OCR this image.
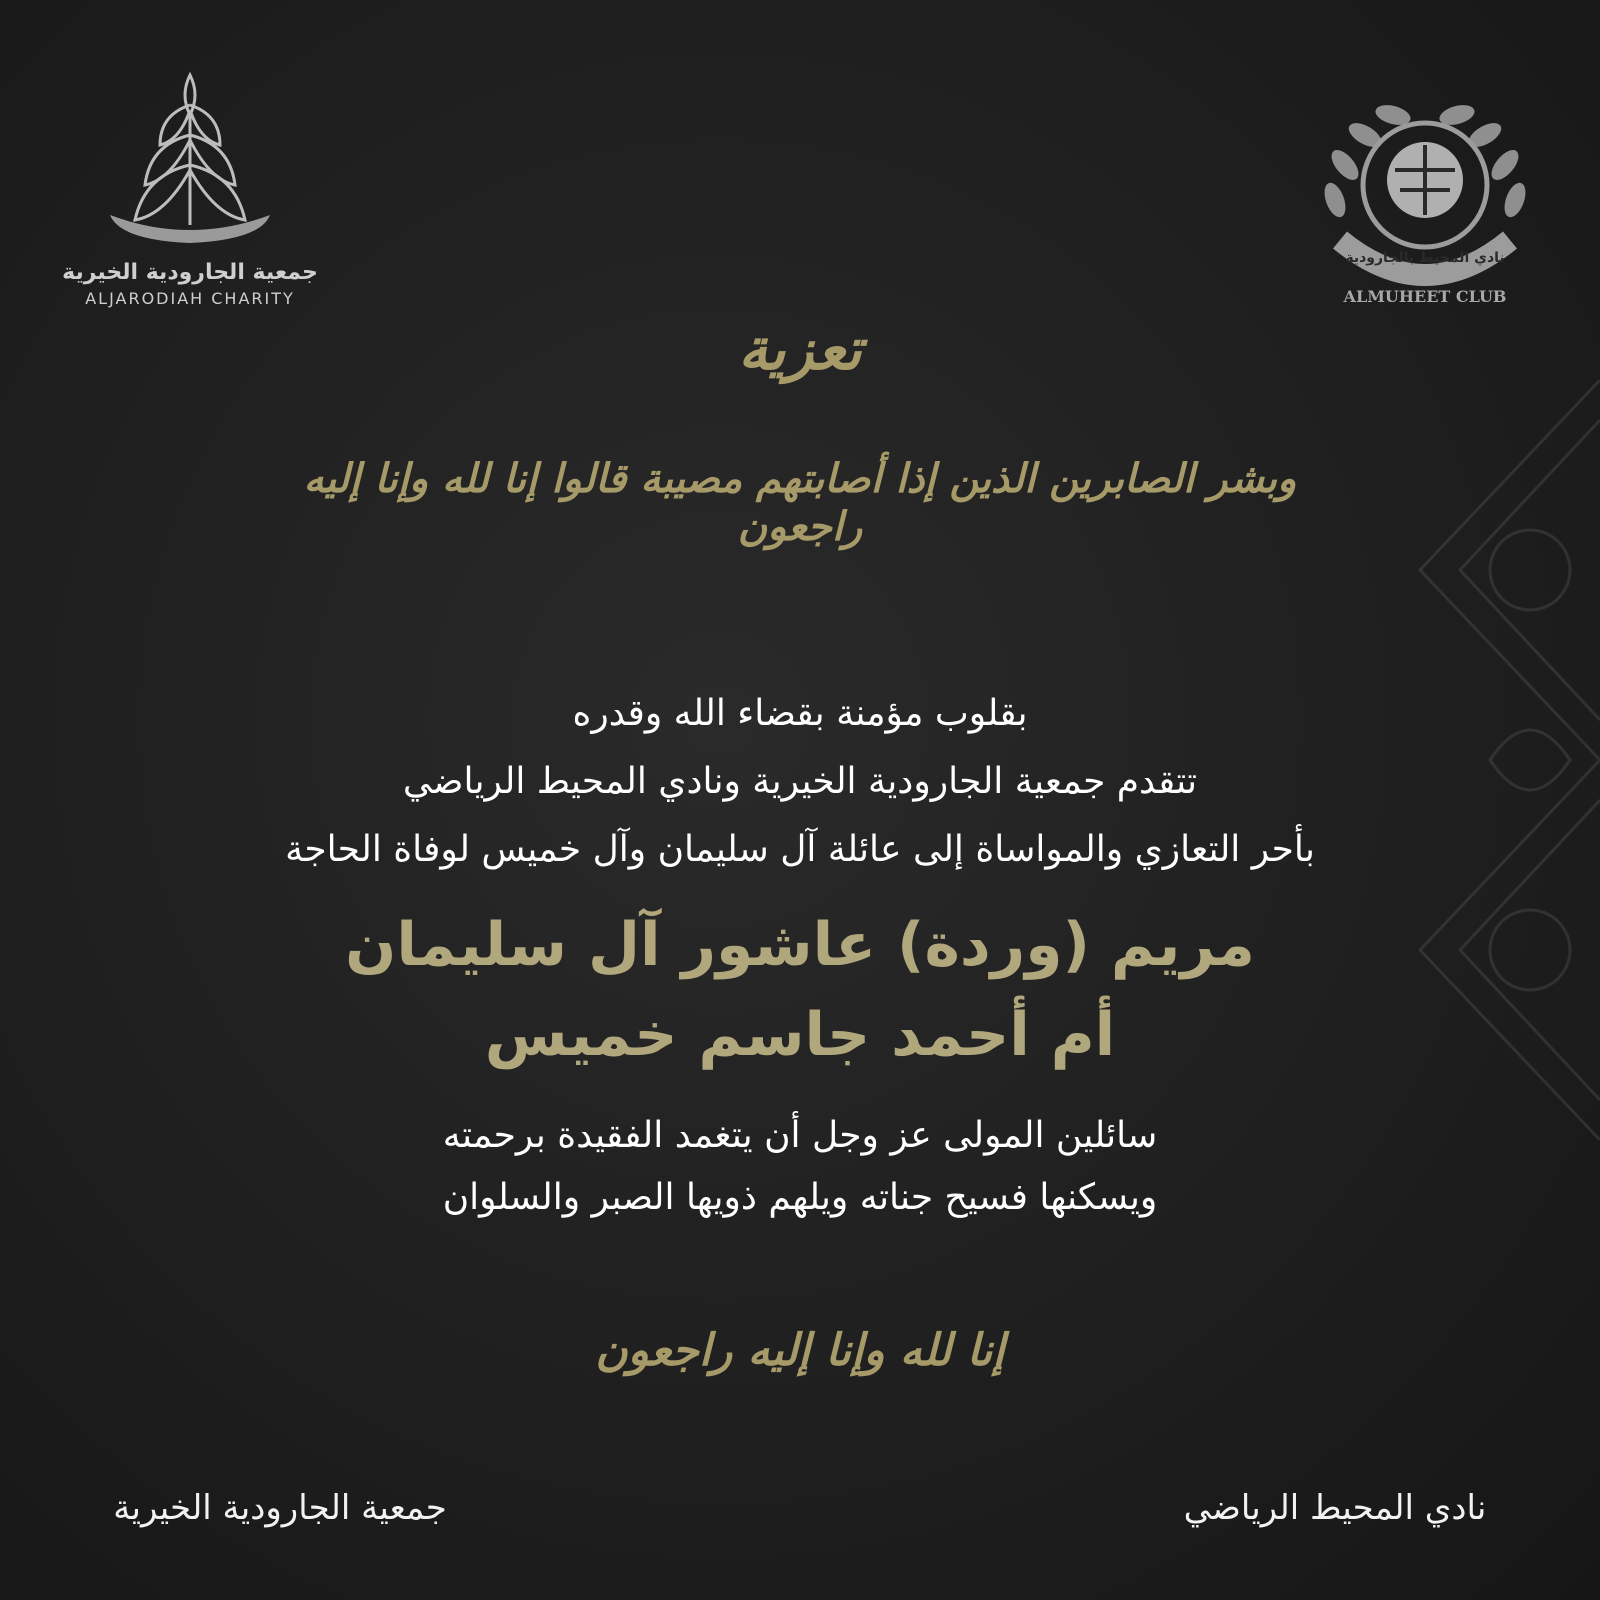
جمعية الجارودية الخيرية
ALJARODIAH CHARITY
نادي المحيط بالجارودية
ALMUHEET CLUB
تعزية
وبشر الصابرين الذين إذا أصابتهم مصيبة قالوا إنا لله وإنا إليه راجعون
بقلوب مؤمنة بقضاء الله وقدره
تتقدم جمعية الجارودية الخيرية ونادي المحيط الرياضي
بأحر التعازي والمواساة إلى عائلة آل سليمان وآل خميس لوفاة الحاجة
مريم (وردة) عاشور آل سليمان
أم أحمد جاسم خميس
سائلين المولى عز وجل أن يتغمد الفقيدة برحمته
ويسكنها فسيح جناته ويلهم ذويها الصبر والسلوان
إنا لله وإنا إليه راجعون
جمعية الجارودية الخيرية	نادي المحيط الرياضي
